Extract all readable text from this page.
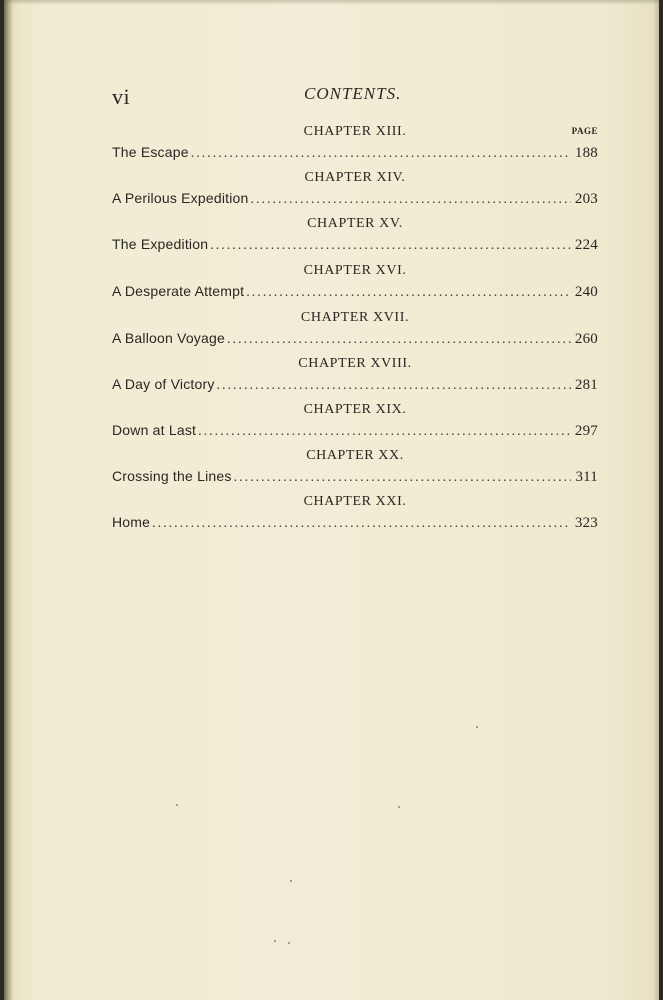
vi	CONTENTS.
CHAPTER XIII.	PAGE
The Escape .....	188
CHAPTER XIV.
A Perilous Expedition .....	203
CHAPTER XV.
The Expedition .....	224
CHAPTER XVI.
A Desperate Attempt .....	240
CHAPTER XVII.
A Balloon Voyage .....	260
CHAPTER XVIII.
A Day of Victory .....	281
CHAPTER XIX.
Down at Last .....	297
CHAPTER XX.
Crossing the Lines .....	311
CHAPTER XXI.
Home .....	323
